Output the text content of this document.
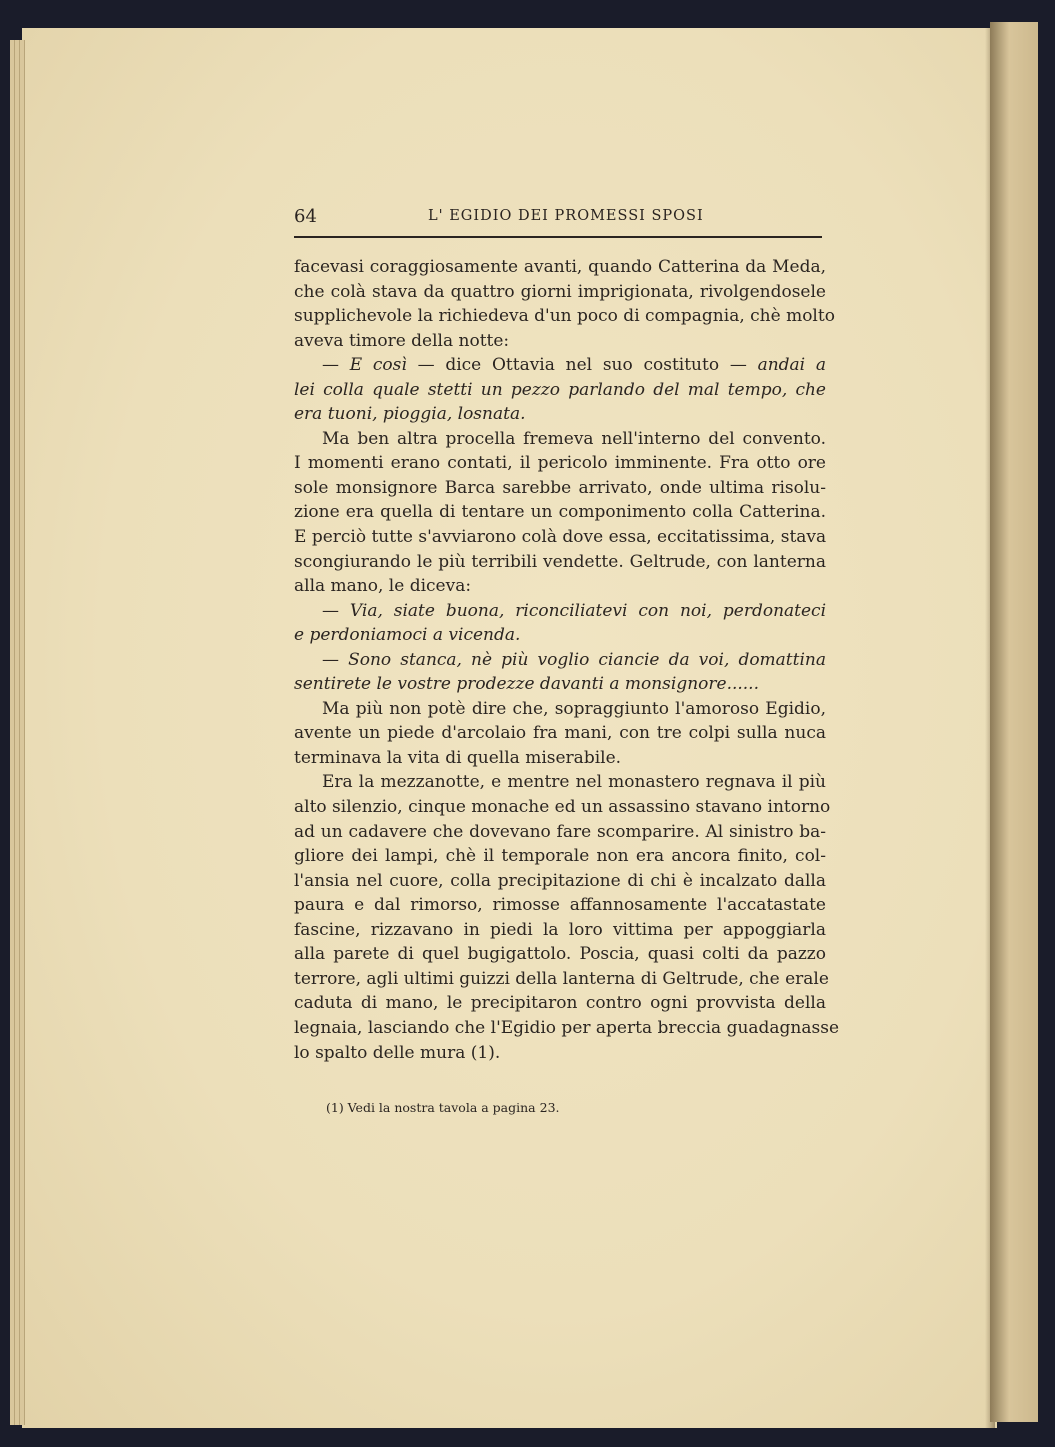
64	L' EGIDIO DEI PROMESSI SPOSI
facevasi coraggiosamente avanti, quando Catterina da Meda,
che colà stava da quattro giorni imprigionata, rivolgendosele
supplichevole la richiedeva d'un poco di compagnia, chè molto
aveva timore della notte:
— E così — dice Ottavia nel suo costituto — andai a
lei colla quale stetti un pezzo parlando del mal tempo, che
era tuoni, pioggia, losnata.
Ma ben altra procella fremeva nell'interno del convento.
I momenti erano contati, il pericolo imminente. Fra otto ore
sole monsignore Barca sarebbe arrivato, onde ultima risolu-
zione era quella di tentare un componimento colla Catterina.
E perciò tutte s'avviarono colà dove essa, eccitatissima, stava
scongiurando le più terribili vendette. Geltrude, con lanterna
alla mano, le diceva:
— Via, siate buona, riconciliatevi con noi, perdonateci
e perdoniamoci a vicenda.
— Sono stanca, nè più voglio ciancie da voi, domattina
sentirete le vostre prodezze davanti a monsignore......
Ma più non potè dire che, sopraggiunto l'amoroso Egidio,
avente un piede d'arcolaio fra mani, con tre colpi sulla nuca
terminava la vita di quella miserabile.
Era la mezzanotte, e mentre nel monastero regnava il più
alto silenzio, cinque monache ed un assassino stavano intorno
ad un cadavere che dovevano fare scomparire. Al sinistro ba-
gliore dei lampi, chè il temporale non era ancora finito, col-
l'ansia nel cuore, colla precipitazione di chi è incalzato dalla
paura e dal rimorso, rimosse affannosamente l'accatastate
fascine, rizzavano in piedi la loro vittima per appoggiarla
alla parete di quel bugigattolo. Poscia, quasi colti da pazzo
terrore, agli ultimi guizzi della lanterna di Geltrude, che erale
caduta di mano, le precipitaron contro ogni provvista della
legnaia, lasciando che l'Egidio per aperta breccia guadagnasse
lo spalto delle mura (1).
(1) Vedi la nostra tavola a pagina 23.
